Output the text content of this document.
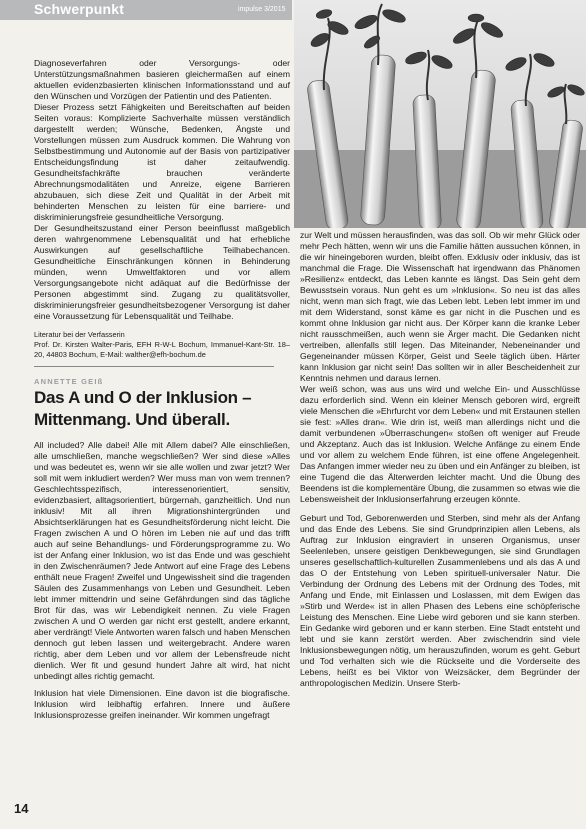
Schwerpunkt	impulse 3/2015

Diagnoseverfahren oder Versorgungs- oder Unterstützungsmaßnahmen basieren gleichermaßen auf einem aktuellen evidenzbasierten klinischen Informationsstand und auf den Wünschen und Vorzügen der Patientin und des Patienten.

Dieser Prozess setzt Fähigkeiten und Bereitschaften auf beiden Seiten voraus: Komplizierte Sachverhalte müssen verständlich dargestellt werden; Wünsche, Bedenken, Ängste und Vorstellungen müssen zum Ausdruck kommen. Die Wahrung von Selbstbestimmung und Autonomie auf der Basis von partizipativer Entscheidungsfindung ist daher zeitaufwendig. Gesundheitsfachkräfte brauchen veränderte Abrechnungsmodalitäten und Anreize, eigene Barrieren abzubauen, sich diese Zeit und Qualität in der Arbeit mit behinderten Menschen zu leisten für eine barriere- und diskriminierungsfreie gesundheitliche Versorgung.

Der Gesundheitszustand einer Person beeinflusst maßgeblich deren wahrgenommene Lebensqualität und hat erhebliche Auswirkungen auf gesellschaftliche Teilhabechancen. Gesundheitliche Einschränkungen können in Behinderung münden, wenn Umweltfaktoren und vor allem Versorgungsangebote nicht adäquat auf die Bedürfnisse der Personen abgestimmt sind. Zugang zu qualitätsvoller, diskriminierungsfreier gesundheitsbezogener Versorgung ist daher eine Voraussetzung für Lebensqualität und Teilhabe.

Literatur bei der Verfasserin

Prof. Dr. Kirsten Walter-Paris, EFH R-W-L Bochum, Immanuel-Kant-Str. 18–20, 44803 Bochum, E-Mail: walther@efh-bochum.de

ANNETTE GEIß
Das A und O der Inklusion –
Mittenmang. Und überall.

All included? Alle dabei! Alle mit Allem dabei? Alle einschließen, alle umschließen, manche wegschließen? Wer sind diese »Alles und was bedeutet es, wenn wir sie alle wollen und zwar jetzt? Wer soll mit wem inkludiert werden? Wer muss man von wem trennen? Geschlechtsspezifisch, interessenorientiert, sensitiv, evidenzbasiert, alltagsorientiert, bürgernah, ganzheitlich. Und nun inklusiv! Mit all ihren Migrationshintergründen und Absichtserklärungen hat es Gesundheitsförderung nicht leicht. Die Fragen zwischen A und O hören im Leben nie auf und das trifft auch auf seine Behandlungs- und Förderungsprogramme zu. Wo ist der Anfang einer Inklusion, wo ist das Ende und was geschieht in den Zwischenräumen? Jede Antwort auf eine Frage des Lebens enthält neue Fragen! Zweifel und Ungewissheit sind die tragenden Säulen des Zusammenhangs von Leben und Gesundheit. Leben lebt immer mittendrin und seine Gefährdungen sind das tägliche Brot für das, was wir Lebendigkeit nennen. Zu viele Fragen zwischen A und O werden gar nicht erst gestellt, andere erkannt, aber verdrängt! Viele Antworten waren falsch und haben Menschen dennoch gut leben lassen und weitergebracht. Andere waren richtig, aber dem Leben und vor allem der Lebensfreude nicht dienlich. Wer fit und gesund hundert Jahre alt wird, hat nicht unbedingt alles richtig gemacht.

Inklusion hat viele Dimensionen. Eine davon ist die biografische. Inklusion wird leibhaftig erfahren. Innere und äußere Inklusionsprozesse greifen ineinander. Wir kommen ungefragt

zur Welt und müssen herausfinden, was das soll. Ob wir mehr Glück oder mehr Pech hätten, wenn wir uns die Familie hätten aussuchen können, in die wir hineingeboren wurden, bleibt offen. Exklusiv oder inklusiv, das ist manchmal die Frage. Die Wissenschaft hat irgendwann das Phänomen »Resilienz« entdeckt, das Leben kannte es längst. Das Sein geht dem Bewusstsein voraus. Nun geht es um »Inklusion«. So neu ist das alles nicht, wenn man sich fragt, wie das Leben lebt. Leben lebt immer im und mit dem Widerstand, sonst käme es gar nicht in die Puschen und es kommt ohne Inklusion gar nicht aus. Der Körper kann die kranke Leber nicht rausschmeißen, auch wenn sie Ärger macht. Die Gedanken nicht vertreiben, allenfalls still legen. Das Miteinander, Nebeneinander und Gegeneinander müssen Körper, Geist und Seele täglich üben. Härter kann Inklusion gar nicht sein! Das sollten wir in aller Bescheidenheit zur Kenntnis nehmen und daraus lernen.

Wer weiß schon, was aus uns wird und welche Ein- und Ausschlüsse dazu erforderlich sind. Wenn ein kleiner Mensch geboren wird, ergreift viele Menschen die »Ehrfurcht vor dem Leben« und mit Erstaunen stellen sie fest: »Alles dran«. Wie drin ist, weiß man allerdings nicht und die damit verbundenen »Überraschungen« stoßen oft weniger auf Freude und Akzeptanz. Auch das ist Inklusion. Welche Anfänge zu einem Ende und vor allem zu welchem Ende führen, ist eine offene Angelegenheit. Das Anfangen immer wieder neu zu üben und ein Anfänger zu bleiben, ist eine Tugend die das Älterwerden leichter macht. Und die Übung des Beendens ist die komplementäre Übung, die zusammen so etwas wie die Lebensweisheit der Inklusionserfahrung erzeugen könnte.

Geburt und Tod, Geborenwerden und Sterben, sind mehr als der Anfang und das Ende des Lebens. Sie sind Grundprinzipien allen Lebens, als Auftrag zur Inklusion eingraviert in unseren Organismus, unser Seelenleben, unsere geistigen Denkbewegungen, sie sind Grundlagen unseres gesellschaftlich-kulturellen Zusammenlebens und als das A und das O der Entstehung von Leben spirituell-universaler Natur. Die Verbindung der Ordnung des Lebens mit der Ordnung des Todes, mit Anfang und Ende, mit Einlassen und Loslassen, mit dem Ewigen das »Stirb und Werde« ist in allen Phasen des Lebens eine schöpferische Leistung des Menschen. Eine Liebe wird geboren und sie kann sterben. Ein Gedanke wird geboren und er kann sterben. Eine Stadt entsteht und lebt und sie kann zerstört werden. Aber zwischendrin sind viele Inklusionsbewegungen nötig, um herauszufinden, worum es geht. Geburt und Tod verhalten sich wie die Rückseite und die Vorderseite des Lebens, heißt es bei Viktor von Weizsäcker, dem Begründer der anthropologischen Medizin. Unsere Sterb-

14
